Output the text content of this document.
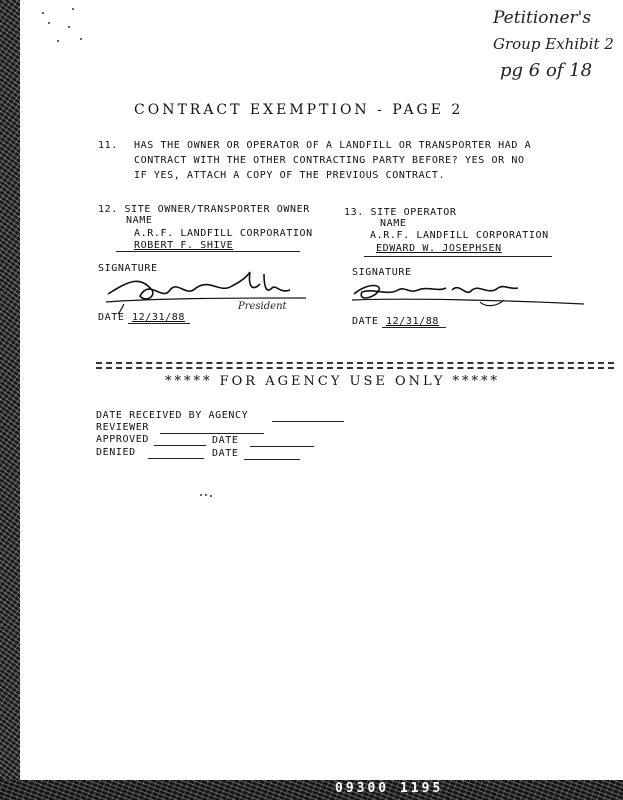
09300 1195
Petitioner's
Group Exhibit 2
pg 6 of 18
CONTRACT EXEMPTION - PAGE 2
11. HAS THE OWNER OR OPERATOR OF A LANDFILL OR TRANSPORTER HAD A
CONTRACT WITH THE OTHER CONTRACTING PARTY BEFORE? YES OR NO
IF YES, ATTACH A COPY OF THE PREVIOUS CONTRACT.
12. SITE OWNER/TRANSPORTER OWNER
NAME
A.R.F. LANDFILL CORPORATION
ROBERT F. SHIVE
SIGNATURE
President
DATE 12/31/88
13. SITE OPERATOR
NAME
A.R.F. LANDFILL CORPORATION
EDWARD W. JOSEPHSEN
SIGNATURE
DATE 12/31/88
***** FOR AGENCY USE ONLY *****
DATE RECEIVED BY AGENCY
REVIEWER
APPROVED	DATE
DENIED	DATE
